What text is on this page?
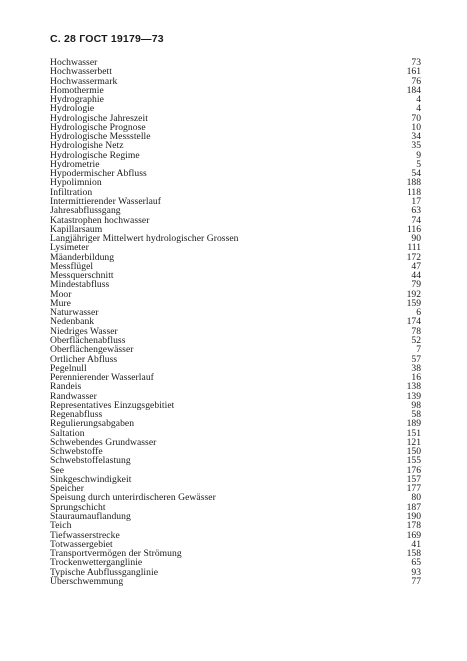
С. 28 ГОСТ 19179—73
Hochwasser	73
Hochwasserbett	161
Hochwassermark	76
Homothermie	184
Hydrographie	4
Hydrologie	4
Hydrologische Jahreszeit	70
Hydrologische Prognose	10
Hydrologische Messstelle	34
Hydrologishe Netz	35
Hydrologische Regime	9
Hydrometrie	5
Hypodermischer Abfluss	54
Hypolimnion	188
Infiltration	118
Intermittierender Wasserlauf	17
Jahresabflussgang	63
Katastrophen hochwasser	74
Kapillarsaum	116
Langjähriger Mittelwert hydrologischer Grossen	90
Lysimeter	111
Mäanderbildung	172
Messflügel	47
Messquerschnitt	44
Mindestabfluss	79
Moor	192
Mure	159
Naturwasser	6
Nedenbank	174
Niedriges Wasser	78
Oberflächenabfluss	52
Oberflächengewässer	7
Ortlicher Abfluss	57
Pegelnull	38
Perennierender Wasserlauf	16
Randeis	138
Randwasser	139
Representatives Einzugsgebitiet	98
Regenabfluss	58
Regulierungsabgaben	189
Saltation	151
Schwebendes Grundwasser	121
Schwebstoffe	150
Schwebstoffelastung	155
See	176
Sinkgeschwindigkeit	157
Speicher	177
Speisung durch unterirdischeren Gewässer	80
Sprungschicht	187
Stauraumauflandung	190
Teich	178
Tiefwasserstrecke	169
Totwassergebiet	41
Transportvermögen der Strömung	158
Trockenwetterganglinie	65
Typische Aubflussganglinie	93
Überschwemmung	77
